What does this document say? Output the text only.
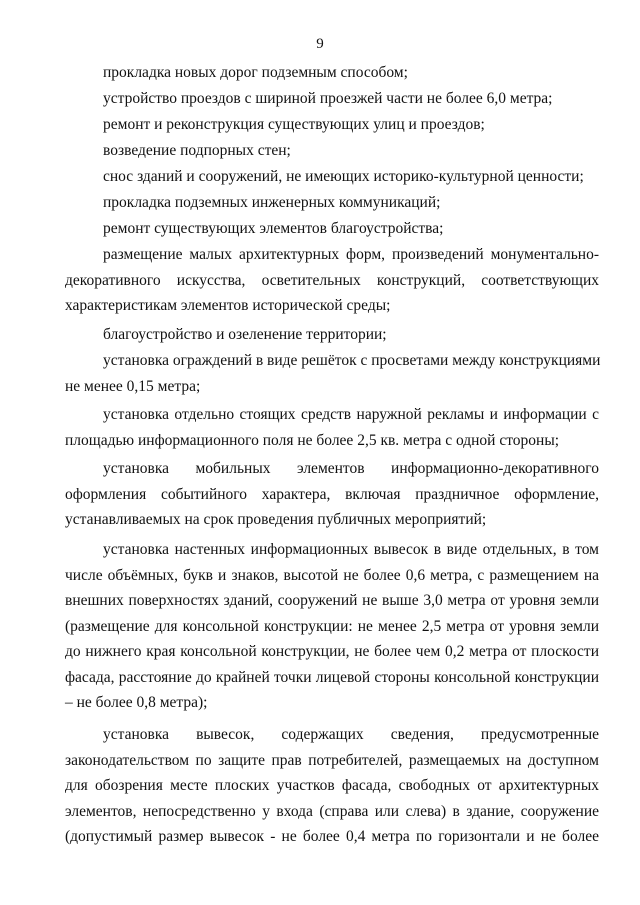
9

прокладка новых дорог подземным способом;

устройство проездов с шириной проезжей части не более 6,0 метра;

ремонт и реконструкция существующих улиц и проездов;

возведение подпорных стен;

снос зданий и сооружений, не имеющих историко-культурной ценности;

прокладка подземных инженерных коммуникаций;

ремонт существующих элементов благоустройства;

размещение малых архитектурных форм, произведений монументально-
декоративного искусства, осветительных конструкций, соответствующих
характеристикам элементов исторической среды;

благоустройство и озеленение территории;

установка ограждений в виде решёток с просветами между конструкциями
не менее 0,15 метра;
установка отдельно стоящих средств наружной рекламы и информации с
площадью информационного поля не более 2,5 кв. метра с одной стороны;
установка мобильных элементов информационно-декоративного
оформления событийного характера, включая праздничное оформление,
устанавливаемых на срок проведения публичных мероприятий;
установка настенных информационных вывесок в виде отдельных, в том
числе объёмных, букв и знаков, высотой не более 0,6 метра, с размещением на
внешних поверхностях зданий, сооружений не выше 3,0 метра от уровня земли
(размещение для консольной конструкции: не менее 2,5 метра от уровня земли
до нижнего края консольной конструкции, не более чем 0,2 метра от плоскости
фасада, расстояние до крайней точки лицевой стороны консольной конструкции
– не более 0,8 метра);
установка вывесок, содержащих сведения, предусмотренные
законодательством по защите прав потребителей, размещаемых на доступном
для обозрения месте плоских участков фасада, свободных от архитектурных
элементов, непосредственно у входа (справа или слева) в здание, сооружение
(допустимый размер вывесок - не более 0,4 метра по горизонтали и не более
